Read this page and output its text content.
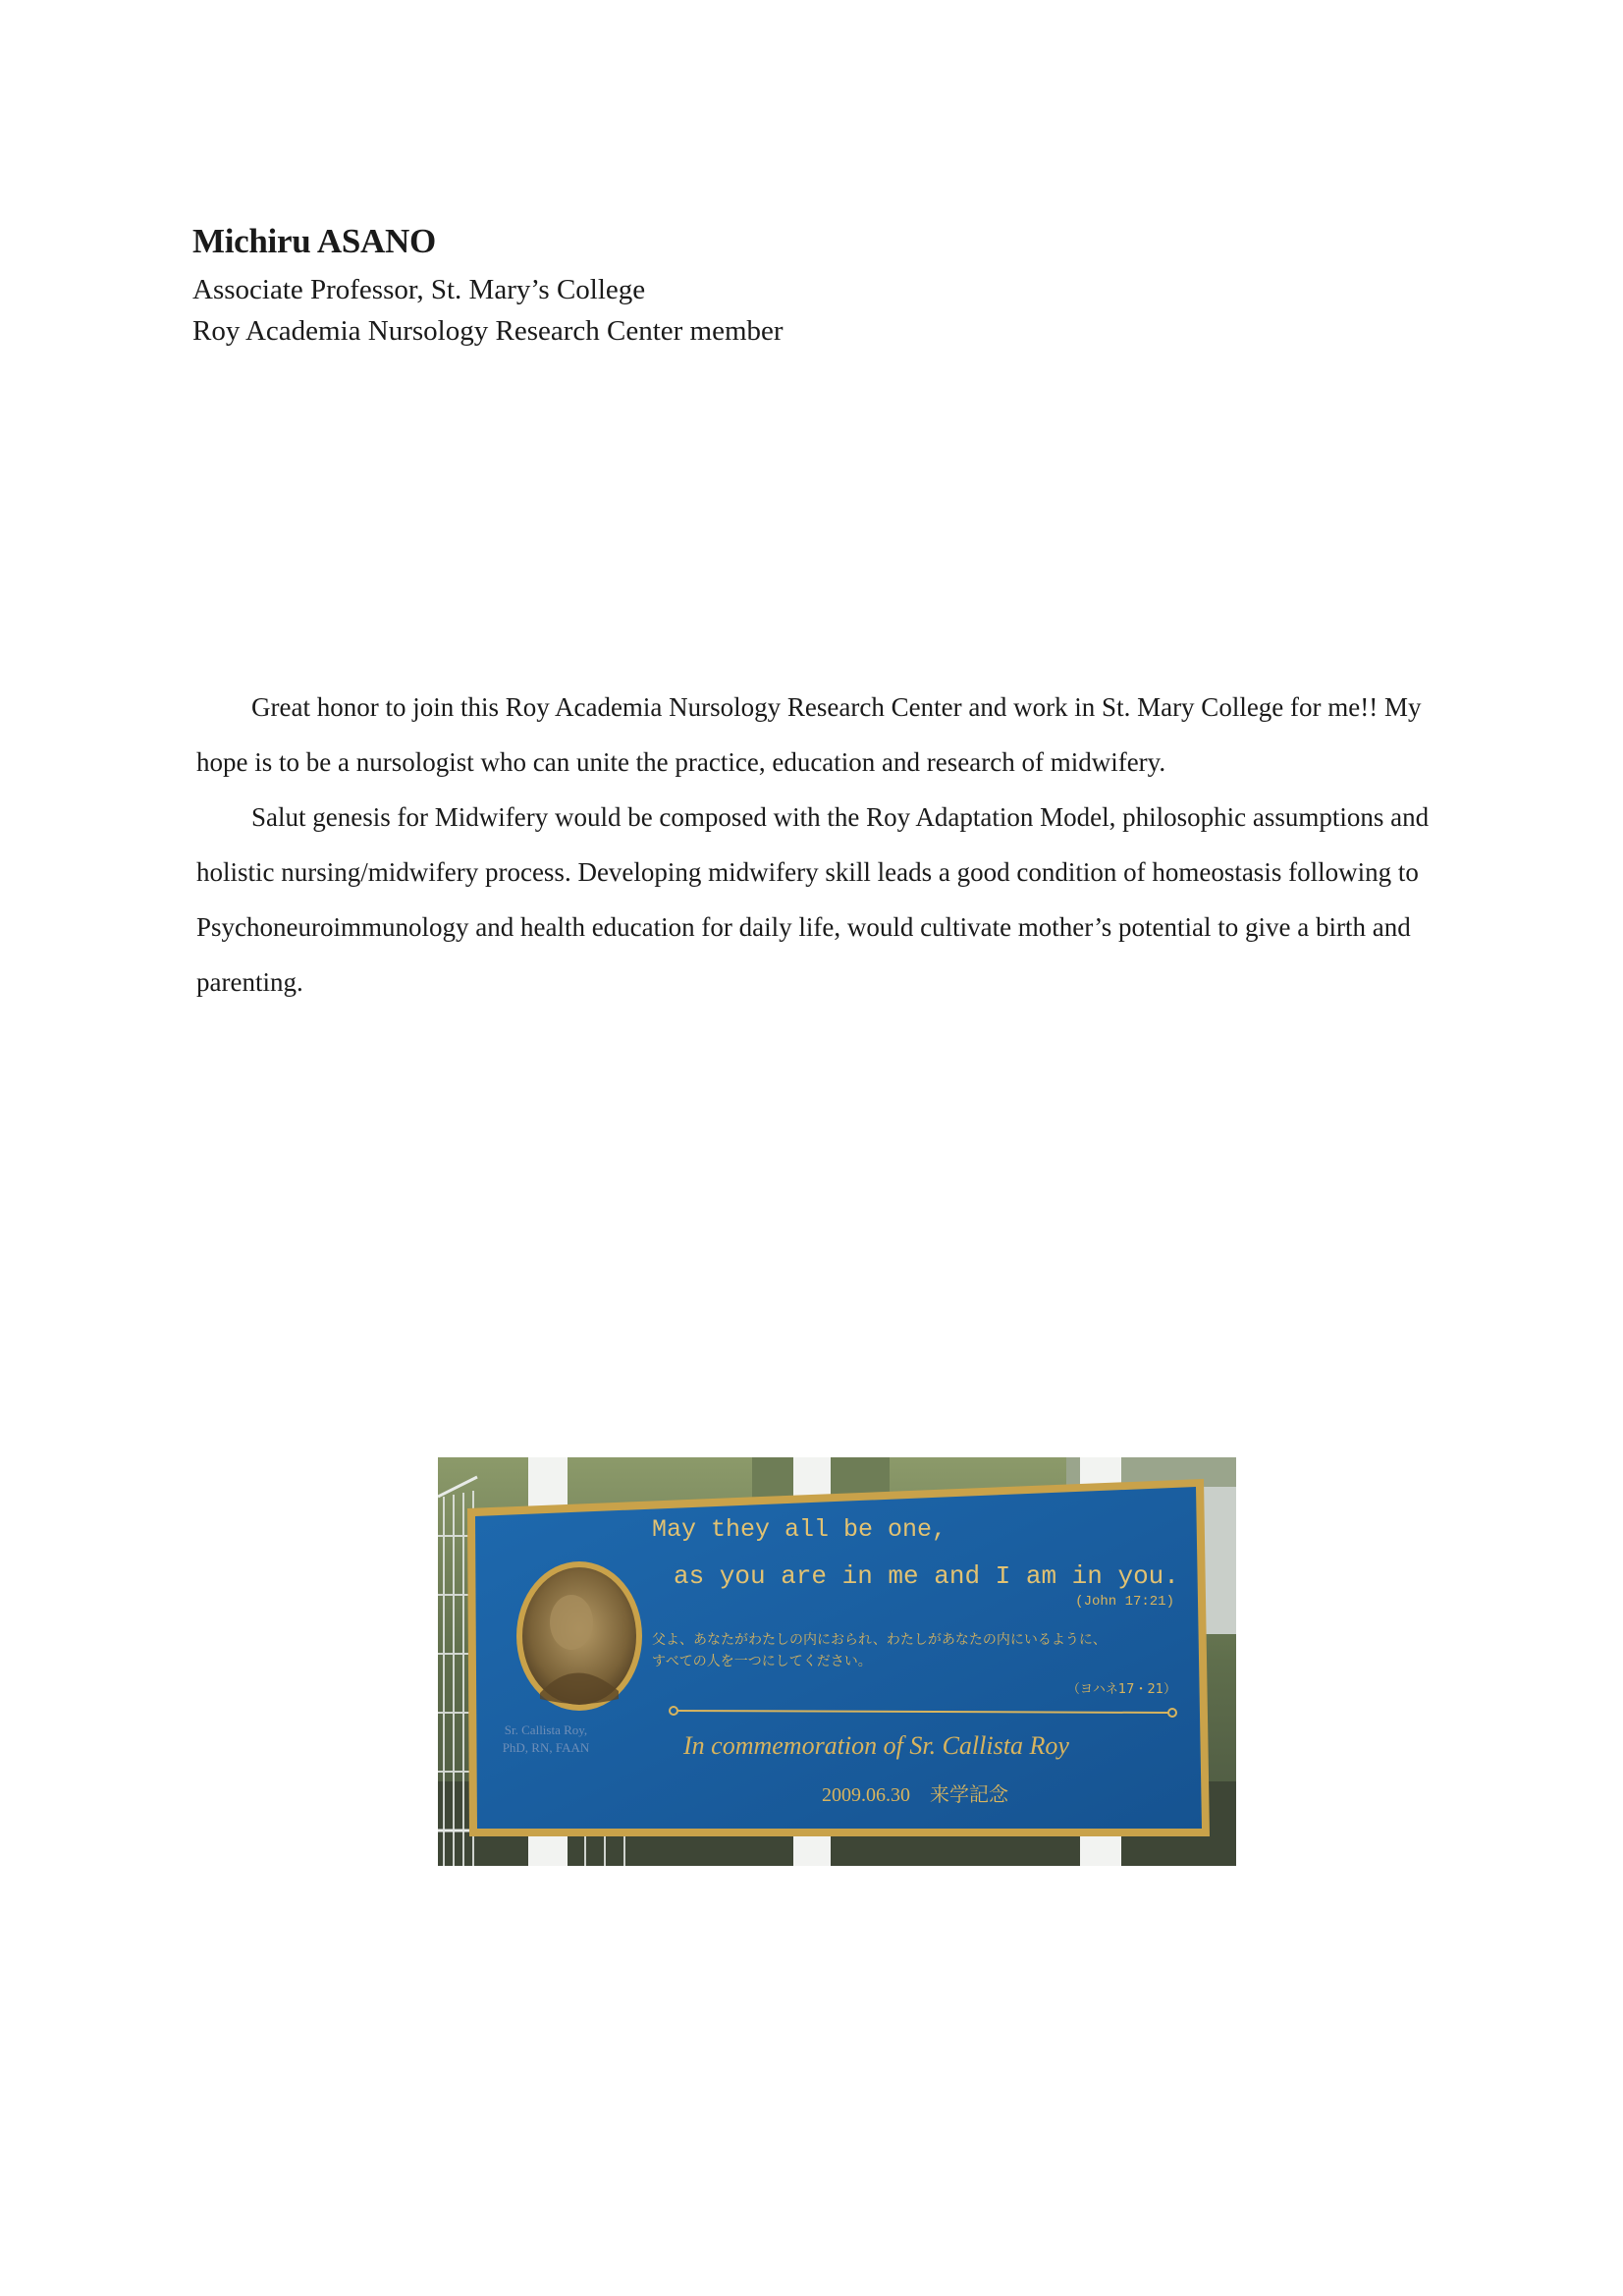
Michiru ASANO

Associate Professor, St. Mary’s College

Roy Academia Nursology Research Center member

Great honor to join this Roy Academia Nursology Research Center and work in St. Mary College for me!! My hope is to be a nursologist who can unite the practice, education and research of midwifery.

Salut genesis for Midwifery would be composed with the Roy Adaptation Model, philosophic assumptions and holistic nursing/midwifery process. Developing midwifery skill leads a good condition of homeostasis following to Psychoneuroimmunology and health education for daily life, would cultivate mother’s potential to give a birth and parenting.

Sr. Callista Roy,
PhD, RN, FAAN
May they all be one,
as you are in me and I am in you.
(John 17:21)
父よ、あなたがわたしの内におられ、わたしがあなたの内にいるように、
すべての人を一つにしてください。
（ヨハネ17・21）
In commemoration of Sr. Callista Roy
2009.06.30　来学記念
